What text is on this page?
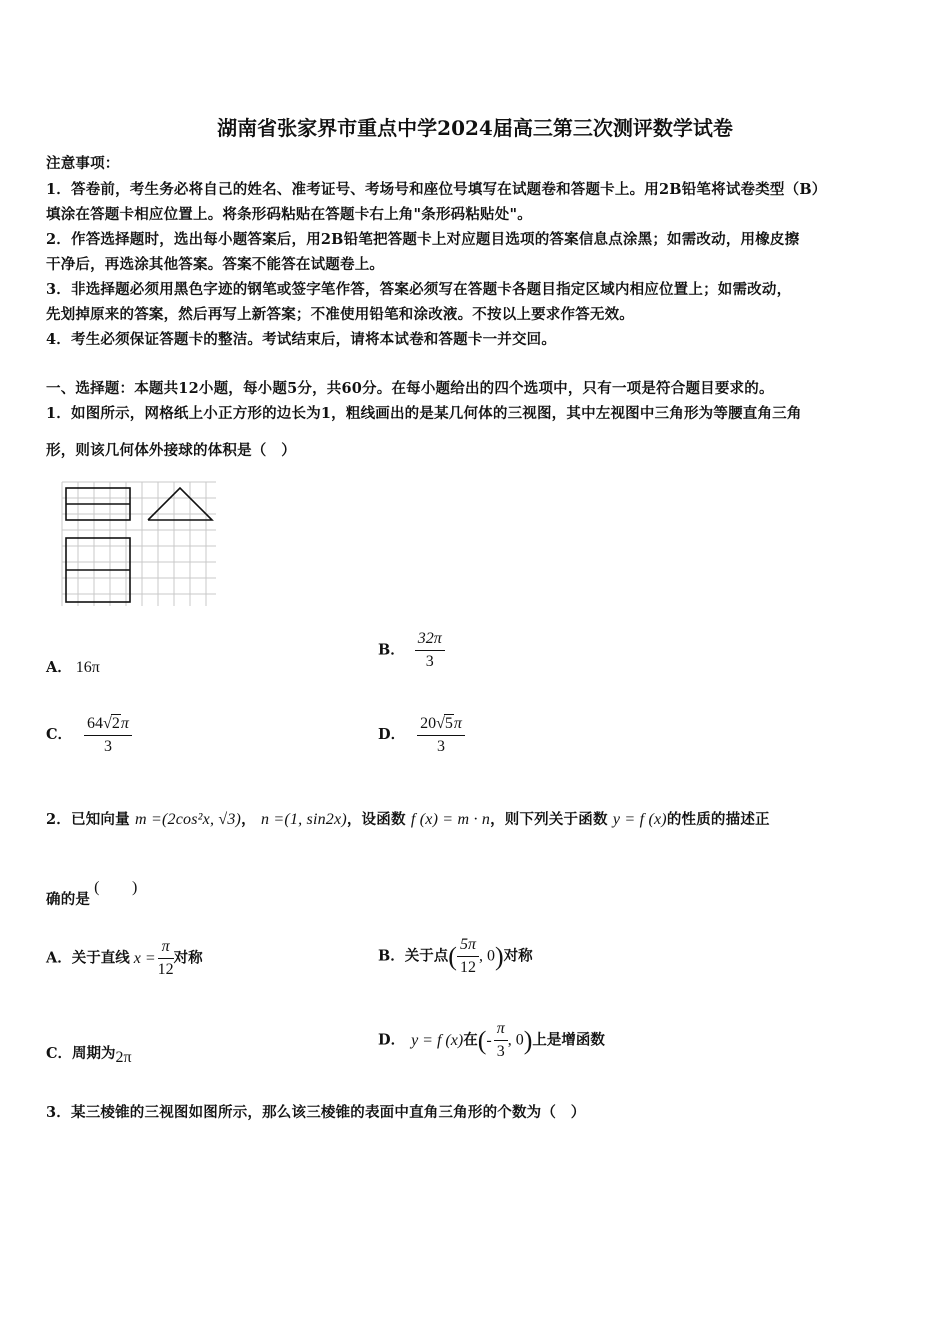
湖南省张家界市重点中学2024届高三第三次测评数学试卷
注意事项：
1．答卷前，考生务必将自己的姓名、准考证号、考场号和座位号填写在试题卷和答题卡上。用2B铅笔将试卷类型（B）
填涂在答题卡相应位置上。将条形码粘贴在答题卡右上角"条形码粘贴处"。
2．作答选择题时，选出每小题答案后，用2B铅笔把答题卡上对应题目选项的答案信息点涂黑；如需改动，用橡皮擦
干净后，再选涂其他答案。答案不能答在试题卷上。
3．非选择题必须用黑色字迹的钢笔或签字笔作答，答案必须写在答题卡各题目指定区域内相应位置上；如需改动，
先划掉原来的答案，然后再写上新答案；不准使用铅笔和涂改液。不按以上要求作答无效。
4．考生必须保证答题卡的整洁。考试结束后，请将本试卷和答题卡一并交回。
一、选择题：本题共12小题，每小题5分，共60分。在每小题给出的四个选项中，只有一项是符合题目要求的。
1．如图所示，网格纸上小正方形的边长为1，粗线画出的是某几何体的三视图，其中左视图中三角形为等腰直角三角
形，则该几何体外接球的体积是（　）
A． 16π
B． $\frac{32\pi}{3}$
C． $\frac{64√2\pi}{3}$	D． $\frac{20√5\pi}{3}$
2．已知向量 m =(2cos²x, √3)， n =(1, sin2x)，设函数 f (x) = m · n，则下列关于函数 y = f (x)的性质的描述正
确的是(　　)
A．关于直线 $x = \frac{\pi}{12}$ 对称	B．关于点( $\frac{5\pi}{12}$ , 0)对称
C．周期为2π
D． y = f (x)在(- $\frac{\pi}{3}$ , 0)上是增函数
3．某三棱锥的三视图如图所示，那么该三棱锥的表面中直角三角形的个数为（　）
